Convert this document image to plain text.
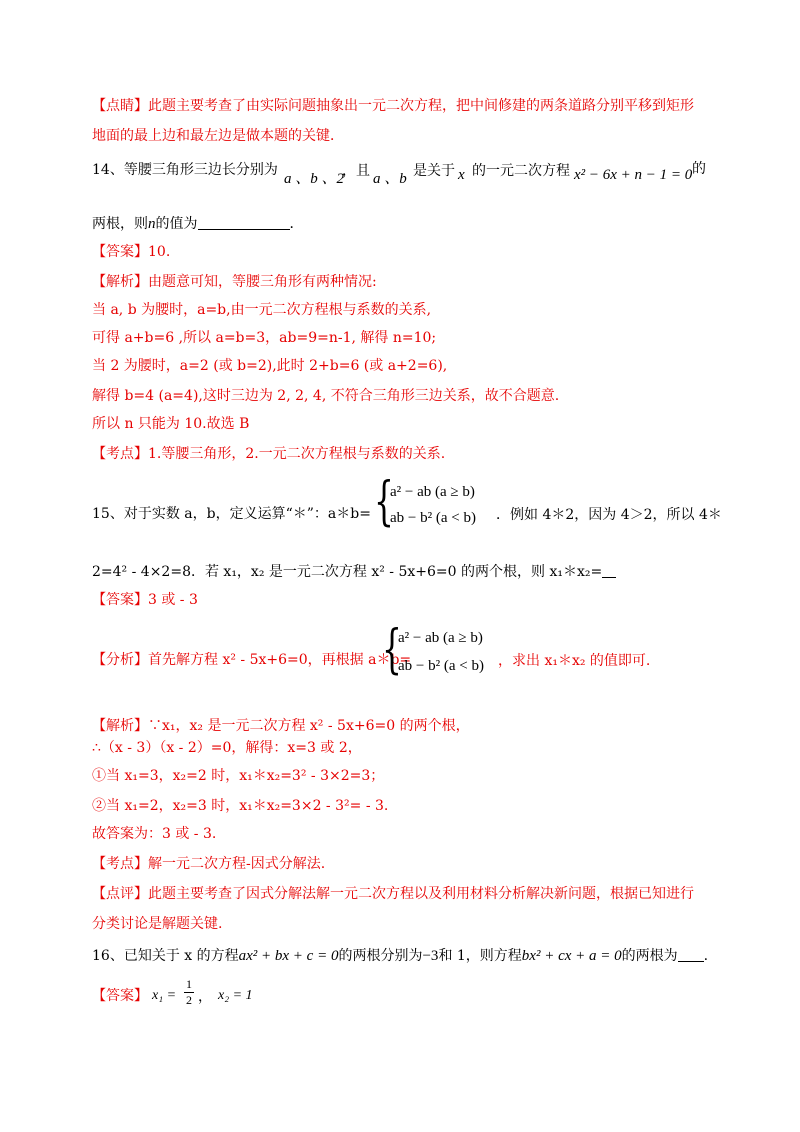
【点睛】此题主要考查了由实际问题抽象出一元二次方程，把中间修建的两条道路分别平移到矩形
地面的最上边和最左边是做本题的关键．
14、等腰三角形三边长分别为
a 、b 、2
，且 a 、b 是关于 x 的一元二次方程 x² − 6x + n − 1 = 0 的
两根，则n的值为	．
【答案】10.
【解析】由题意可知，等腰三角形有两种情况:
当 a, b 为腰时，a=b,由一元二次方程根与系数的关系,
可得 a+b=6 ,所以 a=b=3，ab=9=n-1, 解得 n=10;
当 2 为腰时，a=2 (或 b=2),此时 2+b=6 (或 a+2=6),
解得 b=4 (a=4),这时三边为 2, 2, 4, 不符合三角形三边关系，故不合题意.
所以 n 只能为 10.故选 B
【考点】1.等腰三角形，2.一元二次方程根与系数的关系.
15、对于实数 a，b，定义运算“＊”：a＊b= {
a² − ab (a ≥ b)
ab − b² (a < b) ．例如 4＊2，因为 4＞2，所以 4＊
2=4² - 4×2=8．若 x₁，x₂ 是一元二次方程 x² - 5x+6=0 的两个根，则 x₁＊x₂=
【答案】3 或 - 3
【分析】首先解方程 x² - 5x+6=0，再根据 a＊b=
{
a² − ab (a ≥ b)
ab − b² (a < b) ，求出 x₁＊x₂ 的值即可.
【解析】∵x₁，x₂ 是一元二次方程 x² - 5x+6=0 的两个根，
∴（x - 3）（x - 2）=0，解得：x=3 或 2，
①当 x₁=3，x₂=2 时，x₁＊x₂=3² - 3×2=3；
②当 x₁=2，x₂=3 时，x₁＊x₂=3×2 - 3²= - 3.
故答案为：3 或 - 3.
【考点】解一元二次方程-因式分解法.
【点评】此题主要考查了因式分解法解一元二次方程以及利用材料分析解决新问题，根据已知进行
分类讨论是解题关键.
16、已知关于 x 的方程ax² + bx + c = 0的两根分别为−3和 1，则方程bx² + cx + a = 0的两根为 .
【答案】 $x_1 = \frac{1}{2}$ ， x₂ = 1
